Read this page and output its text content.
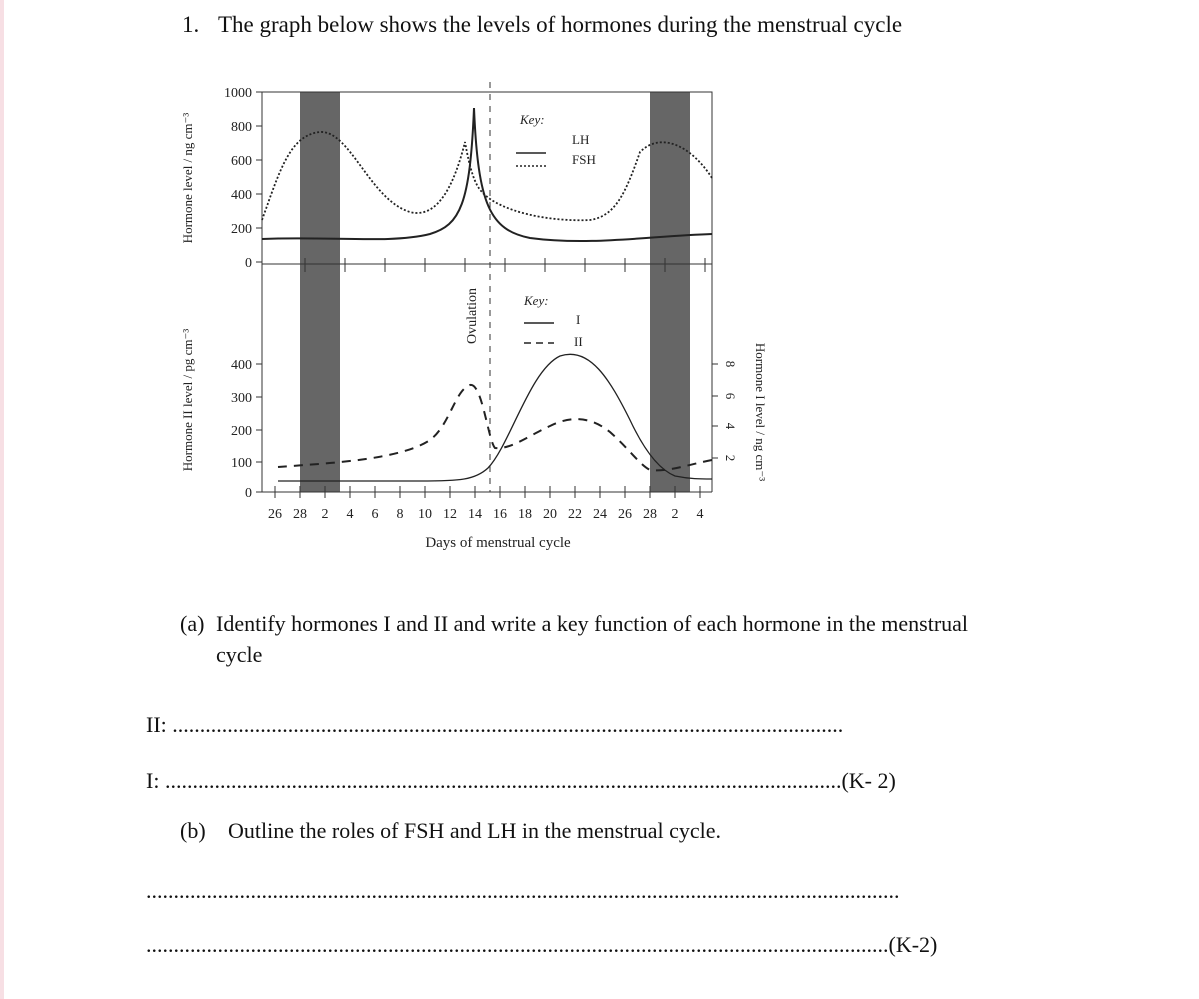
1. The graph below shows the levels of hormones during the menstrual cycle
1000
800
600
400
200
0
Hormone level / ng cm⁻³	Key:
LH
FSH
Ovulation	Key:
I
II
400
300
200
100
0
Hormone II level / pg cm⁻³	8
6
4
2 Hormone I level / ng cm⁻³
26 28 2 4 6 8 10 12 14 16 18 20 22 24 26 28 2 4
Days of menstrual cycle
(a) Identify hormones I and II and write a key function of each hormone in the menstrual
cycle
II: ..........................................................................................................................
I: ...........................................................................................................................(K- 2)
(b) Outline the roles of FSH and LH in the menstrual cycle.
.........................................................................................................................................
.......................................................................................................................................(K-2)
